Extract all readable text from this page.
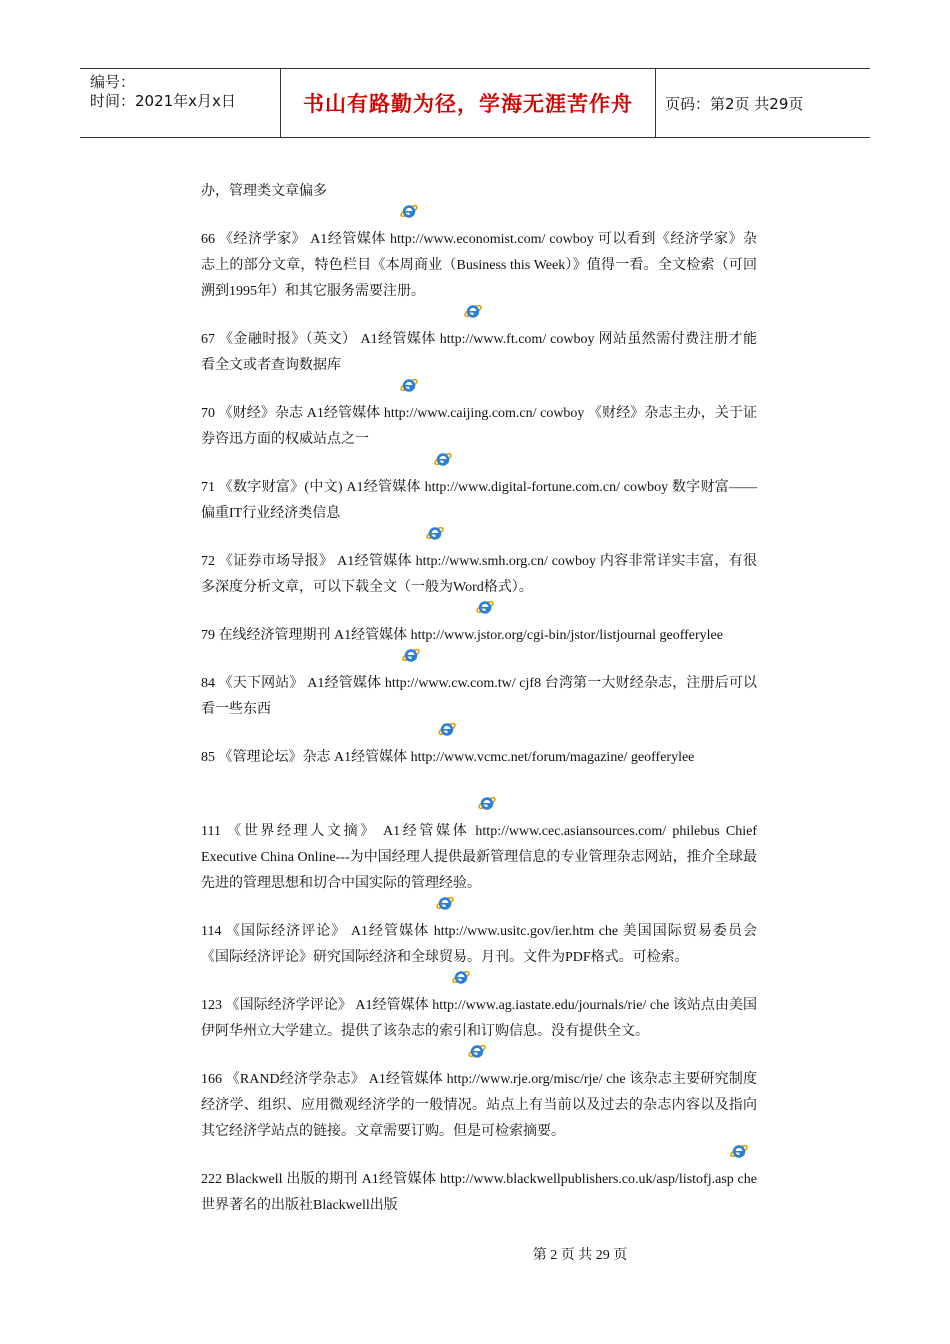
编号：
时间：2021年x月x日	书山有路勤为径，学海无涯苦作舟	页码：第2页 共29页
办，管理类文章偏多
66 《经济学家》 A1经管媒体 http://www.economist.com/ cowboy 可以看到《经济学家》杂志上的部分文章，特色栏目《本周商业（Business this Week）》值得一看。全文检索（可回溯到1995年）和其它服务需要注册。
67 《金融时报》（英文） A1经管媒体 http://www.ft.com/ cowboy 网站虽然需付费注册才能看全文或者查询数据库
70 《财经》杂志 A1经管媒体 http://www.caijing.com.cn/ cowboy 《财经》杂志主办，关于证券咨迅方面的权威站点之一
71 《数字财富》(中文) A1经管媒体 http://www.digital-fortune.com.cn/ cowboy 数字财富——偏重IT行业经济类信息
72 《证券市场导报》 A1经管媒体 http://www.smh.org.cn/ cowboy 内容非常详实丰富，有很多深度分析文章，可以下载全文（一般为Word格式）。
79 在线经济管理期刊 A1经管媒体 http://www.jstor.org/cgi-bin/jstor/listjournal geofferylee
84 《天下网站》 A1经管媒体 http://www.cw.com.tw/ cjf8 台湾第一大财经杂志，注册后可以看一些东西
85 《管理论坛》杂志 A1经管媒体 http://www.vcmc.net/forum/magazine/ geofferylee
111 《世界经理人文摘》 A1经管媒体 http://www.cec.asiansources.com/ philebus Chief Executive China Online---为中国经理人提供最新管理信息的专业管理杂志网站，推介全球最先进的管理思想和切合中国实际的管理经验。
114 《国际经济评论》 A1经管媒体 http://www.usitc.gov/ier.htm che 美国国际贸易委员会《国际经济评论》研究国际经济和全球贸易。月刊。文件为PDF格式。可检索。
123 《国际经济学评论》 A1经管媒体 http://www.ag.iastate.edu/journals/rie/ che 该站点由美国伊阿华州立大学建立。提供了该杂志的索引和订购信息。没有提供全文。
166 《RAND经济学杂志》 A1经管媒体 http://www.rje.org/misc/rje/ che 该杂志主要研究制度经济学、组织、应用微观经济学的一般情况。站点上有当前以及过去的杂志内容以及指向其它经济学站点的链接。文章需要订购。但是可检索摘要。
222 Blackwell 出版的期刊 A1经管媒体 http://www.blackwellpublishers.co.uk/asp/listofj.asp che 世界著名的出版社Blackwell出版
第 2 页 共 29 页
